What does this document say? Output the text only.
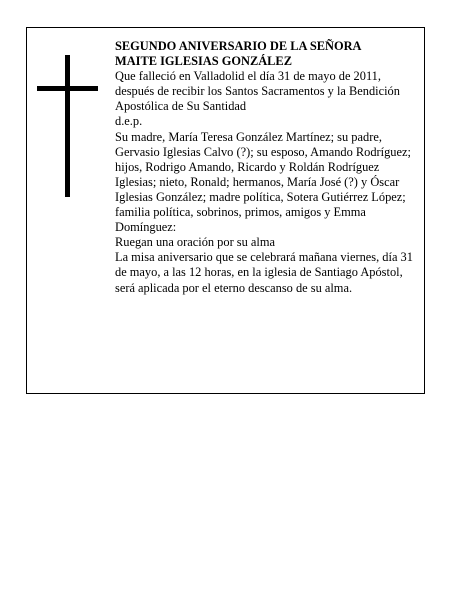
SEGUNDO ANIVERSARIO DE LA SEÑORA

MAITE IGLESIAS GONZÁLEZ

Que falleció en Valladolid el día 31 de mayo de 2011, después de recibir los Santos Sacramentos y la Bendición Apostólica de Su Santidad

d.e.p.

Su madre, María Teresa González Martínez; su padre, Gervasio Iglesias Calvo (?); su esposo, Amando Rodríguez; hijos, Rodrigo Amando, Ricardo y Roldán Rodríguez Iglesias; nieto, Ronald; hermanos, María José (?) y Óscar Iglesias González; madre política, Sotera Gutiérrez López; familia política, sobrinos, primos, amigos y Emma Domínguez:

Ruegan una oración por su alma

La misa aniversario que se celebrará mañana viernes, día 31 de mayo, a las 12 horas, en la iglesia de Santiago Apóstol, será aplicada por el eterno descanso de su alma.
